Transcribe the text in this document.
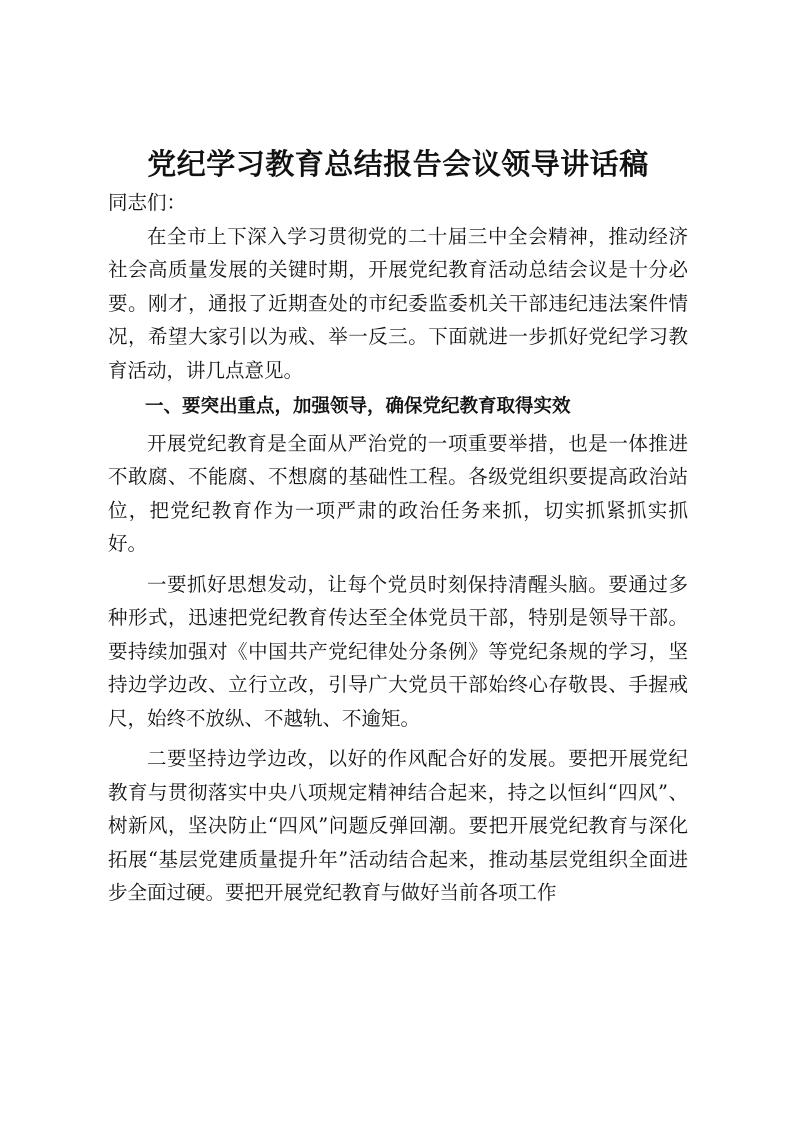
党纪学习教育总结报告会议领导讲话稿

同志们：

在全市上下深入学习贯彻党的二十届三中全会精神，推动经济社会高质量发展的关键时期，开展党纪教育活动总结会议是十分必要。刚才，通报了近期查处的市纪委监委机关干部违纪违法案件情况，希望大家引以为戒、举一反三。下面就进一步抓好党纪学习教育活动，讲几点意见。

一、要突出重点，加强领导，确保党纪教育取得实效

开展党纪教育是全面从严治党的一项重要举措，也是一体推进不敢腐、不能腐、不想腐的基础性工程。各级党组织要提高政治站位，把党纪教育作为一项严肃的政治任务来抓，切实抓紧抓实抓好。

一要抓好思想发动，让每个党员时刻保持清醒头脑。要通过多种形式，迅速把党纪教育传达至全体党员干部，特别是领导干部。要持续加强对《中国共产党纪律处分条例》等党纪条规的学习，坚持边学边改、立行立改，引导广大党员干部始终心存敬畏、手握戒尺，始终不放纵、不越轨、不逾矩。

二要坚持边学边改，以好的作风配合好的发展。要把开展党纪教育与贯彻落实中央八项规定精神结合起来，持之以恒纠“四风”、树新风，坚决防止“四风”问题反弹回潮。要把开展党纪教育与深化拓展“基层党建质量提升年”活动结合起来，推动基层党组织全面进步全面过硬。要把开展党纪教育与做好当前各项工作
